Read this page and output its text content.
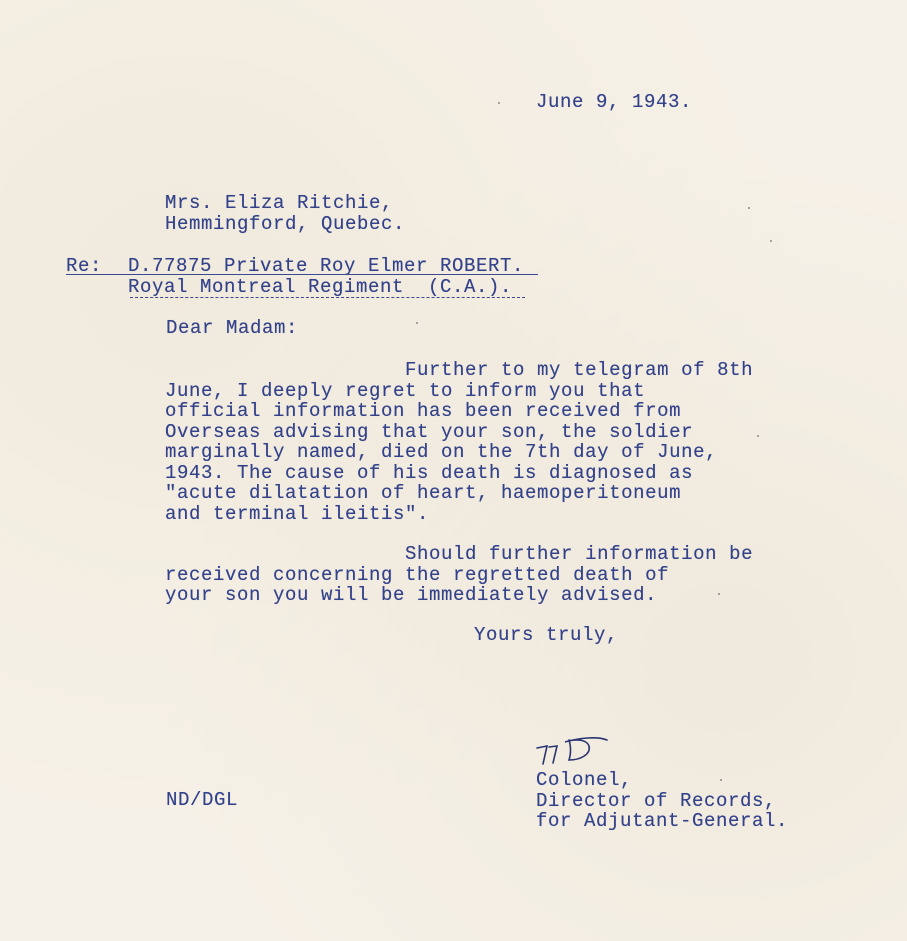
June 9, 1943.
Mrs. Eliza Ritchie,
Hemmingford, Quebec.
Re:	D.77875 Private Roy Elmer ROBERT.
Royal Montreal Regiment  (C.A.).
Dear Madam:
Further to my telegram of 8th
June, I deeply regret to inform you that
official information has been received from
Overseas advising that your son, the soldier
marginally named, died on the 7th day of June,
1943. The cause of his death is diagnosed as
"acute dilatation of heart, haemoperitoneum
and terminal ileitis".
Should further information be
received concerning the regretted death of
your son you will be immediately advised.
Yours truly,
Colonel,
Director of Records,
for Adjutant-General.
ND/DGL
